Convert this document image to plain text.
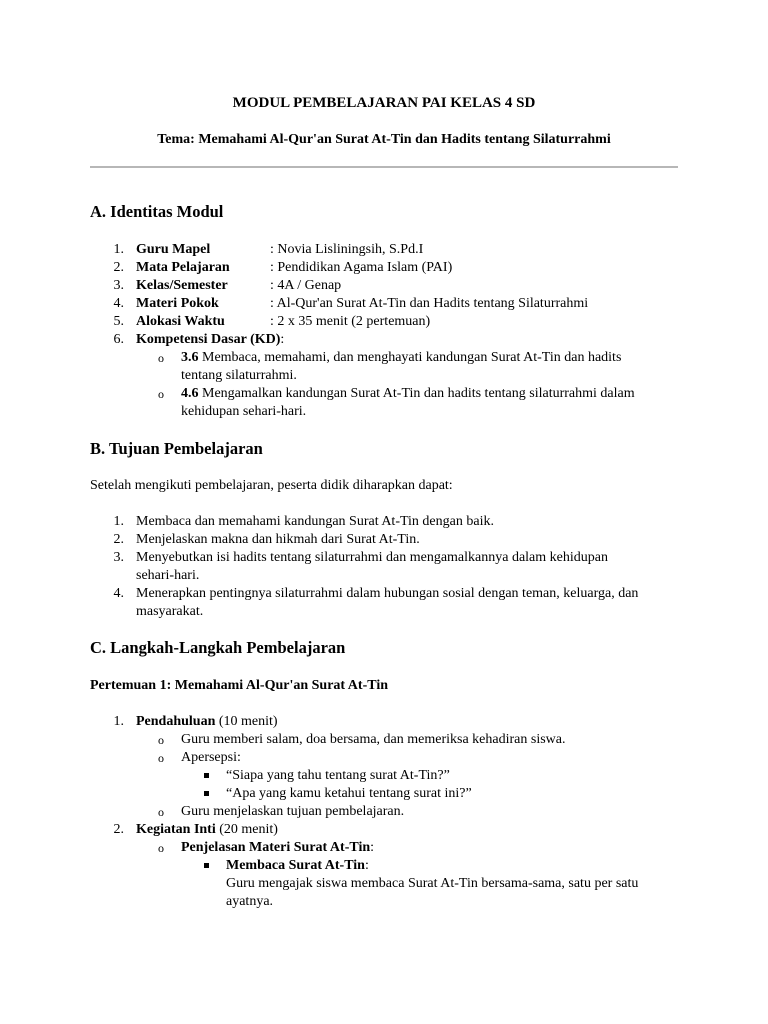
MODUL PEMBELAJARAN PAI KELAS 4 SD
Tema: Memahami Al-Qur'an Surat At-Tin dan Hadits tentang Silaturrahmi
A. Identitas Modul
1. Guru Mapel	: Novia Lisliningsih, S.Pd.I
2. Mata Pelajaran	: Pendidikan Agama Islam (PAI)
3. Kelas/Semester	: 4A / Genap
4. Materi Pokok	: Al-Qur'an Surat At-Tin dan Hadits tentang Silaturrahmi
5. Alokasi Waktu	: 2 x 35 menit (2 pertemuan)
6. Kompetensi Dasar (KD):
o 3.6 Membaca, memahami, dan menghayati kandungan Surat At-Tin dan hadits
tentang silaturrahmi.
o 4.6 Mengamalkan kandungan Surat At-Tin dan hadits tentang silaturrahmi dalam
kehidupan sehari-hari.
B. Tujuan Pembelajaran
Setelah mengikuti pembelajaran, peserta didik diharapkan dapat:
1. Membaca dan memahami kandungan Surat At-Tin dengan baik.
2. Menjelaskan makna dan hikmah dari Surat At-Tin.
3. Menyebutkan isi hadits tentang silaturrahmi dan mengamalkannya dalam kehidupan
sehari-hari.
4. Menerapkan pentingnya silaturrahmi dalam hubungan sosial dengan teman, keluarga, dan
masyarakat.
C. Langkah-Langkah Pembelajaran
Pertemuan 1: Memahami Al-Qur'an Surat At-Tin
1. Pendahuluan (10 menit)
o Guru memberi salam, doa bersama, dan memeriksa kehadiran siswa.
o Apersepsi:
“Siapa yang tahu tentang surat At-Tin?”
“Apa yang kamu ketahui tentang surat ini?”
o Guru menjelaskan tujuan pembelajaran.
2. Kegiatan Inti (20 menit)
o Penjelasan Materi Surat At-Tin:
Membaca Surat At-Tin:
Guru mengajak siswa membaca Surat At-Tin bersama-sama, satu per satu
ayatnya.
